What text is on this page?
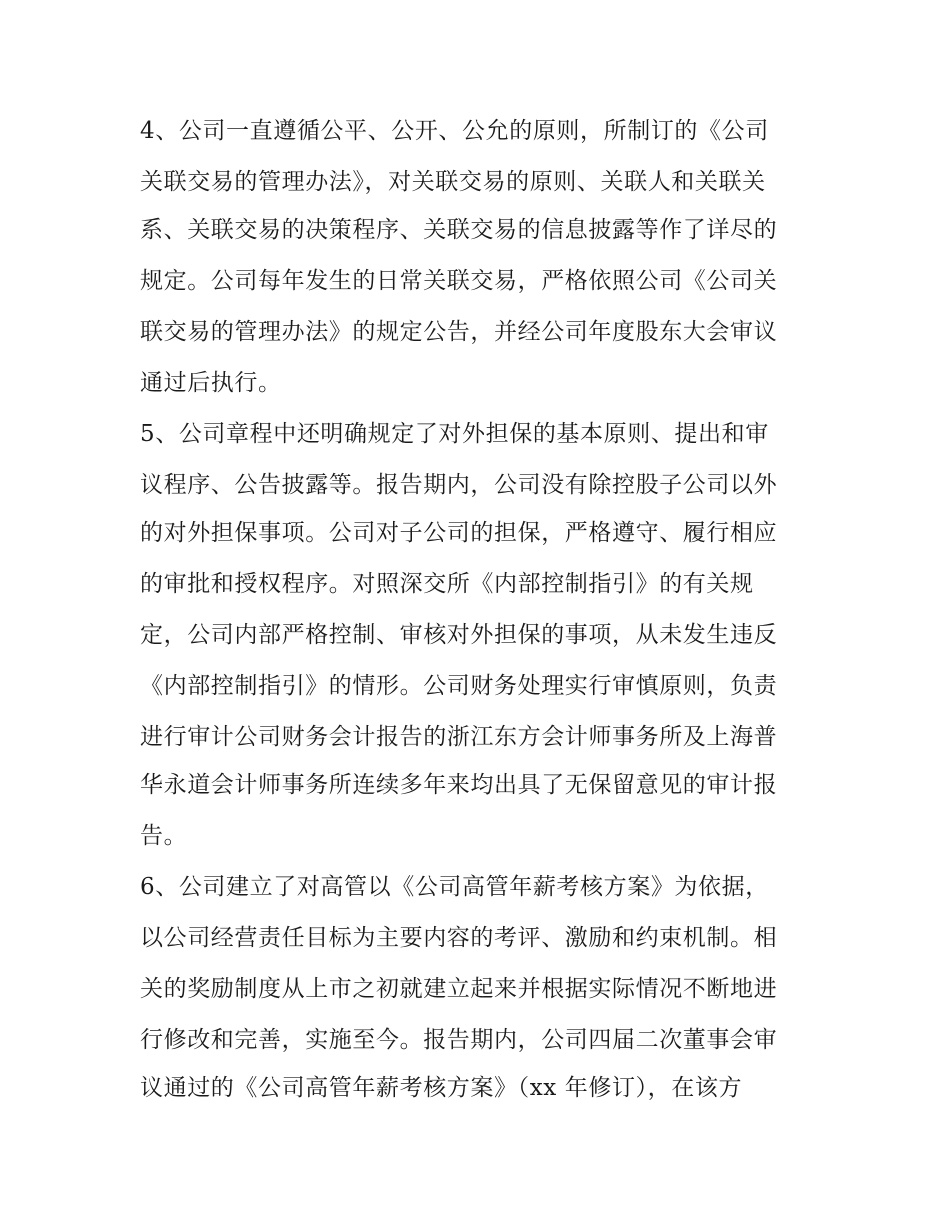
4、公司一直遵循公平、公开、公允的原则，所制订的《公司

关联交易的管理办法》，对关联交易的原则、关联人和关联关

系、关联交易的决策程序、关联交易的信息披露等作了详尽的

规定。公司每年发生的日常关联交易，严格依照公司《公司关

联交易的管理办法》的规定公告，并经公司年度股东大会审议

通过后执行。

5、公司章程中还明确规定了对外担保的基本原则、提出和审

议程序、公告披露等。报告期内，公司没有除控股子公司以外

的对外担保事项。公司对子公司的担保，严格遵守、履行相应

的审批和授权程序。对照深交所《内部控制指引》的有关规

定，公司内部严格控制、审核对外担保的事项，从未发生违反

《内部控制指引》的情形。公司财务处理实行审慎原则，负责

进行审计公司财务会计报告的浙江东方会计师事务所及上海普

华永道会计师事务所连续多年来均出具了无保留意见的审计报

告。

6、公司建立了对高管以《公司高管年薪考核方案》为依据，

以公司经营责任目标为主要内容的考评、激励和约束机制。相

关的奖励制度从上市之初就建立起来并根据实际情况不断地进

行修改和完善，实施至今。报告期内，公司四届二次董事会审

议通过的《公司高管年薪考核方案》（xx 年修订），在该方
